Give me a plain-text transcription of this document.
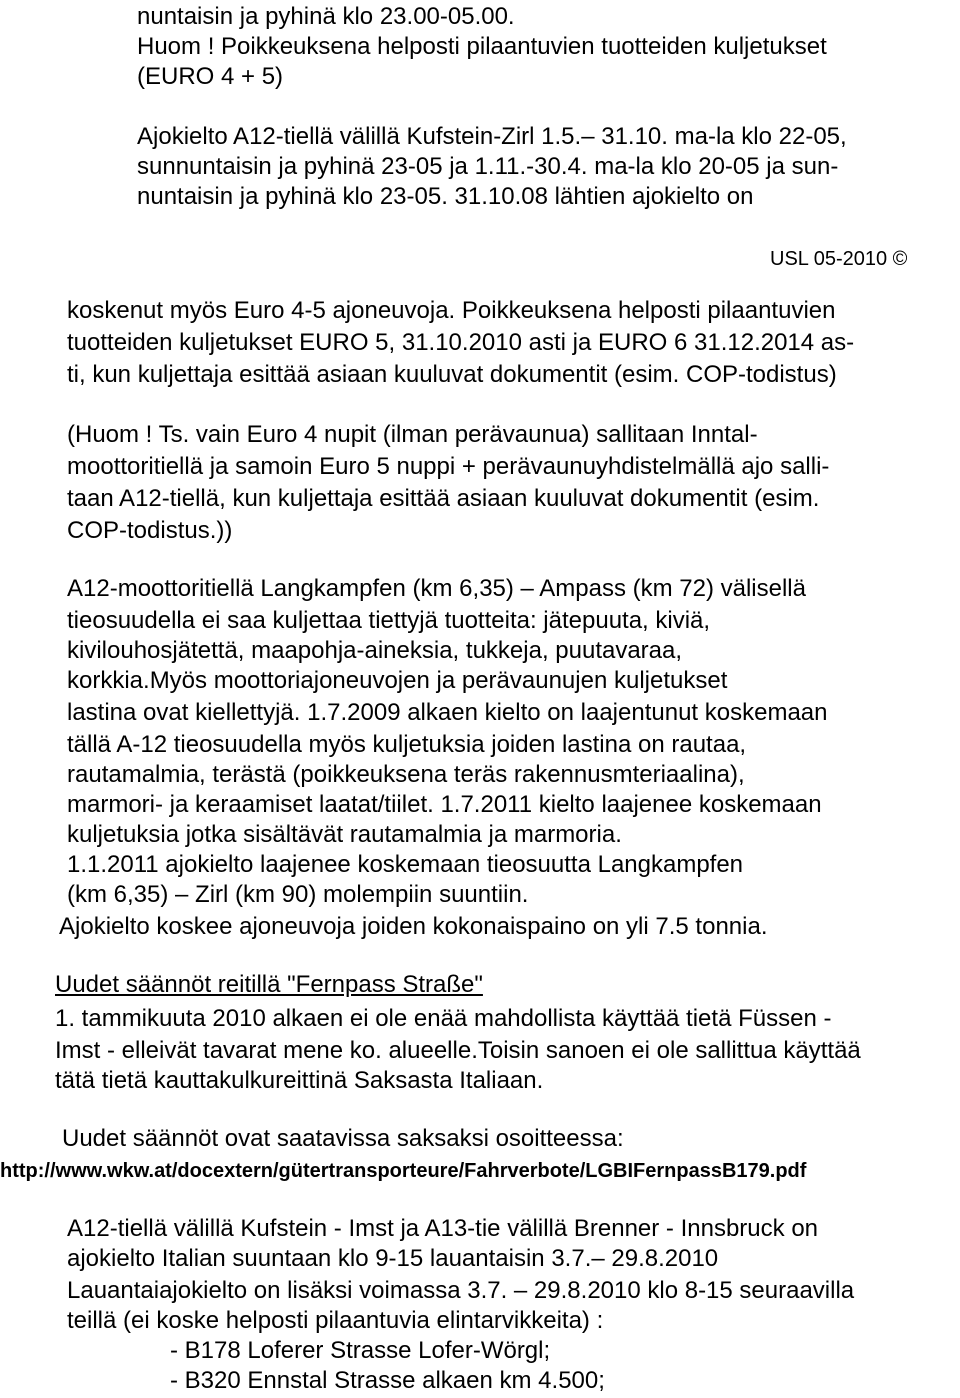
nuntaisin ja pyhinä klo 23.00-05.00.
Huom ! Poikkeuksena helposti pilaantuvien tuotteiden kuljetukset
(EURO 4 + 5)
Ajokielto A12-tiellä välillä Kufstein-Zirl 1.5.– 31.10. ma-la klo 22-05,
sunnuntaisin ja pyhinä 23-05 ja 1.11.-30.4. ma-la klo 20-05 ja sun-
nuntaisin ja pyhinä klo 23-05. 31.10.08 lähtien ajokielto on
USL 05-2010 ©
koskenut myös Euro 4-5 ajoneuvoja. Poikkeuksena helposti pilaantuvien
tuotteiden kuljetukset EURO 5, 31.10.2010 asti ja EURO 6 31.12.2014 as-
ti, kun kuljettaja esittää asiaan kuuluvat dokumentit (esim. COP-todistus)
(Huom ! Ts. vain Euro 4 nupit (ilman perävaunua) sallitaan Inntal-
moottoritiellä ja samoin Euro 5 nuppi + perävaunuyhdistelmällä ajo salli-
taan A12-tiellä, kun kuljettaja esittää asiaan kuuluvat dokumentit (esim.
COP-todistus.))
A12-moottoritiellä Langkampfen (km 6,35) – Ampass (km 72) välisellä
tieosuudella ei saa kuljettaa tiettyjä tuotteita: jätepuuta, kiviä,
kivilouhosjätettä, maapohja-aineksia, tukkeja, puutavaraa,
korkkia.Myös moottoriajoneuvojen ja perävaunujen kuljetukset
lastina ovat kiellettyjä. 1.7.2009 alkaen kielto on laajentunut koskemaan
tällä A-12 tieosuudella myös kuljetuksia joiden lastina on rautaa,
rautamalmia, terästä (poikkeuksena teräs rakennusmteriaalina),
marmori- ja keraamiset laatat/tiilet. 1.7.2011 kielto laajenee koskemaan
kuljetuksia jotka sisältävät rautamalmia ja marmoria.
1.1.2011 ajokielto laajenee koskemaan tieosuutta Langkampfen
(km 6,35) – Zirl (km 90) molempiin suuntiin.
Ajokielto koskee ajoneuvoja joiden kokonaispaino on yli 7.5 tonnia.
Uudet säännöt reitillä "Fernpass Straße"
1. tammikuuta 2010 alkaen ei ole enää mahdollista käyttää tietä Füssen -
Imst - elleivät tavarat mene ko. alueelle.Toisin sanoen ei ole sallittua käyttää
tätä tietä kauttakulkureittinä Saksasta Italiaan.
Uudet säännöt ovat saatavissa saksaksi osoitteessa:
http://www.wkw.at/docextern/gütertransporteure/Fahrverbote/LGBIFernpassB179.pdf
A12-tiellä välillä Kufstein - Imst ja A13-tie välillä Brenner - Innsbruck on
ajokielto Italian suuntaan klo 9-15 lauantaisin 3.7.– 29.8.2010
Lauantaiajokielto on lisäksi voimassa 3.7. – 29.8.2010 klo 8-15 seuraavilla
teillä (ei koske helposti pilaantuvia elintarvikkeita) :
- B178 Loferer Strasse Lofer-Wörgl;
- B320 Ennstal Strasse alkaen km 4.500;
